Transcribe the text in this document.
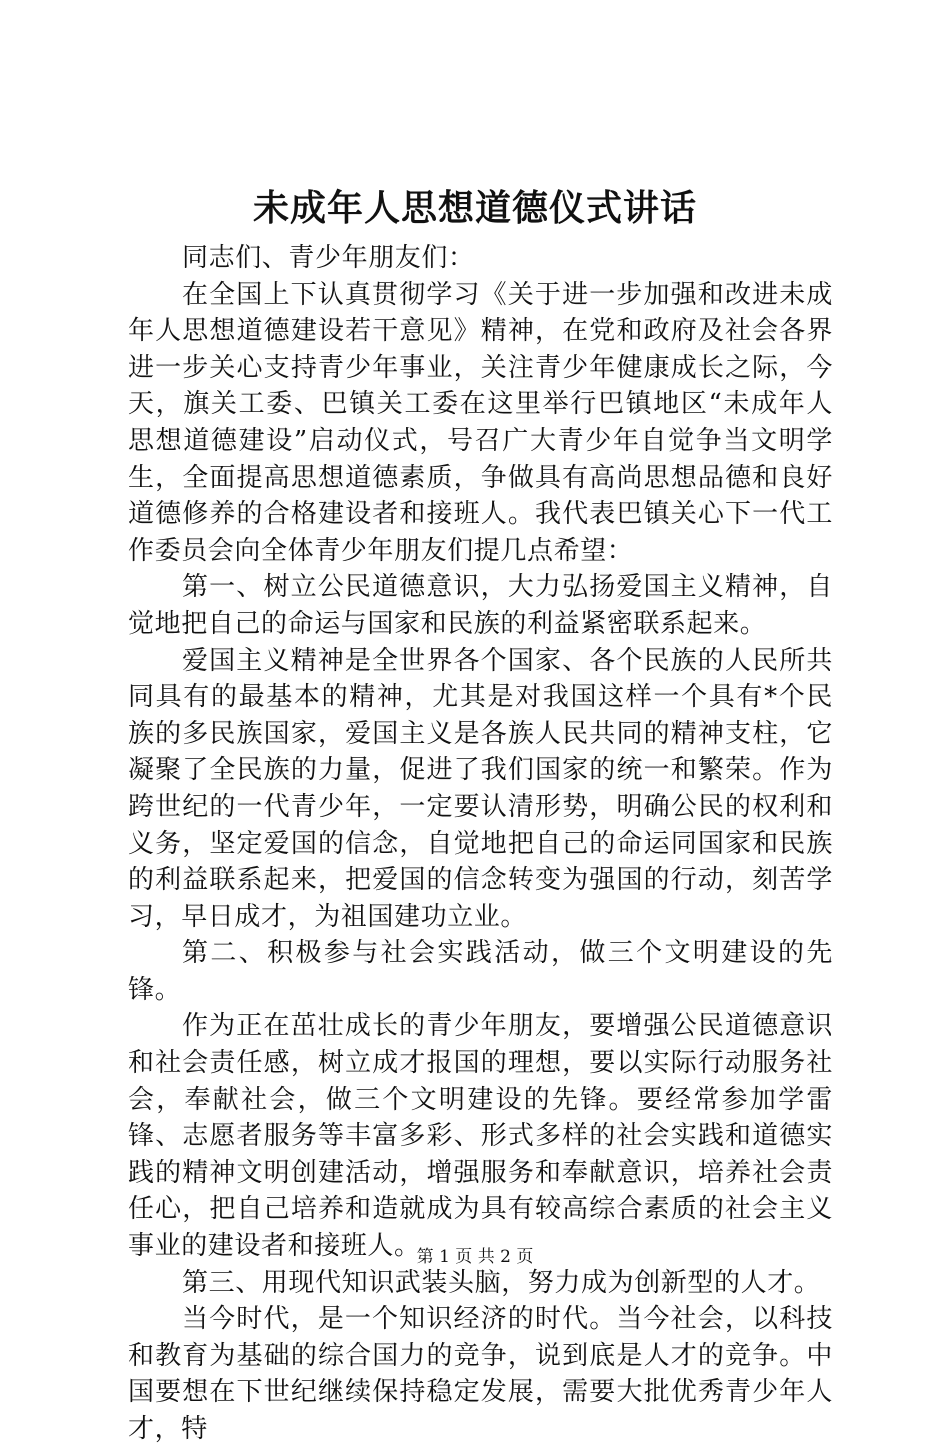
未成年人思想道德仪式讲话

同志们、青少年朋友们：

在全国上下认真贯彻学习《关于进一步加强和改进未成年人思想道德建设若干意见》精神，在党和政府及社会各界进一步关心支持青少年事业，关注青少年健康成长之际，今天，旗关工委、巴镇关工委在这里举行巴镇地区“未成年人思想道德建设”启动仪式，号召广大青少年自觉争当文明学生，全面提高思想道德素质，争做具有高尚思想品德和良好道德修养的合格建设者和接班人。我代表巴镇关心下一代工作委员会向全体青少年朋友们提几点希望：

第一、树立公民道德意识，大力弘扬爱国主义精神，自觉地把自己的命运与国家和民族的利益紧密联系起来。

爱国主义精神是全世界各个国家、各个民族的人民所共同具有的最基本的精神，尤其是对我国这样一个具有*个民族的多民族国家，爱国主义是各族人民共同的精神支柱，它凝聚了全民族的力量，促进了我们国家的统一和繁荣。作为跨世纪的一代青少年，一定要认清形势，明确公民的权利和义务，坚定爱国的信念，自觉地把自己的命运同国家和民族的利益联系起来，把爱国的信念转变为强国的行动，刻苦学习，早日成才，为祖国建功立业。

第二、积极参与社会实践活动，做三个文明建设的先锋。

作为正在茁壮成长的青少年朋友，要增强公民道德意识和社会责任感，树立成才报国的理想，要以实际行动服务社会，奉献社会，做三个文明建设的先锋。要经常参加学雷锋、志愿者服务等丰富多彩、形式多样的社会实践和道德实践的精神文明创建活动，增强服务和奉献意识，培养社会责任心，把自己培养和造就成为具有较高综合素质的社会主义事业的建设者和接班人。

第三、用现代知识武装头脑，努力成为创新型的人才。

当今时代，是一个知识经济的时代。当今社会，以科技和教育为基础的综合国力的竞争，说到底是人才的竞争。中国要想在下世纪继续保持稳定发展，需要大批优秀青少年人才，特

第 1 页 共 2 页
